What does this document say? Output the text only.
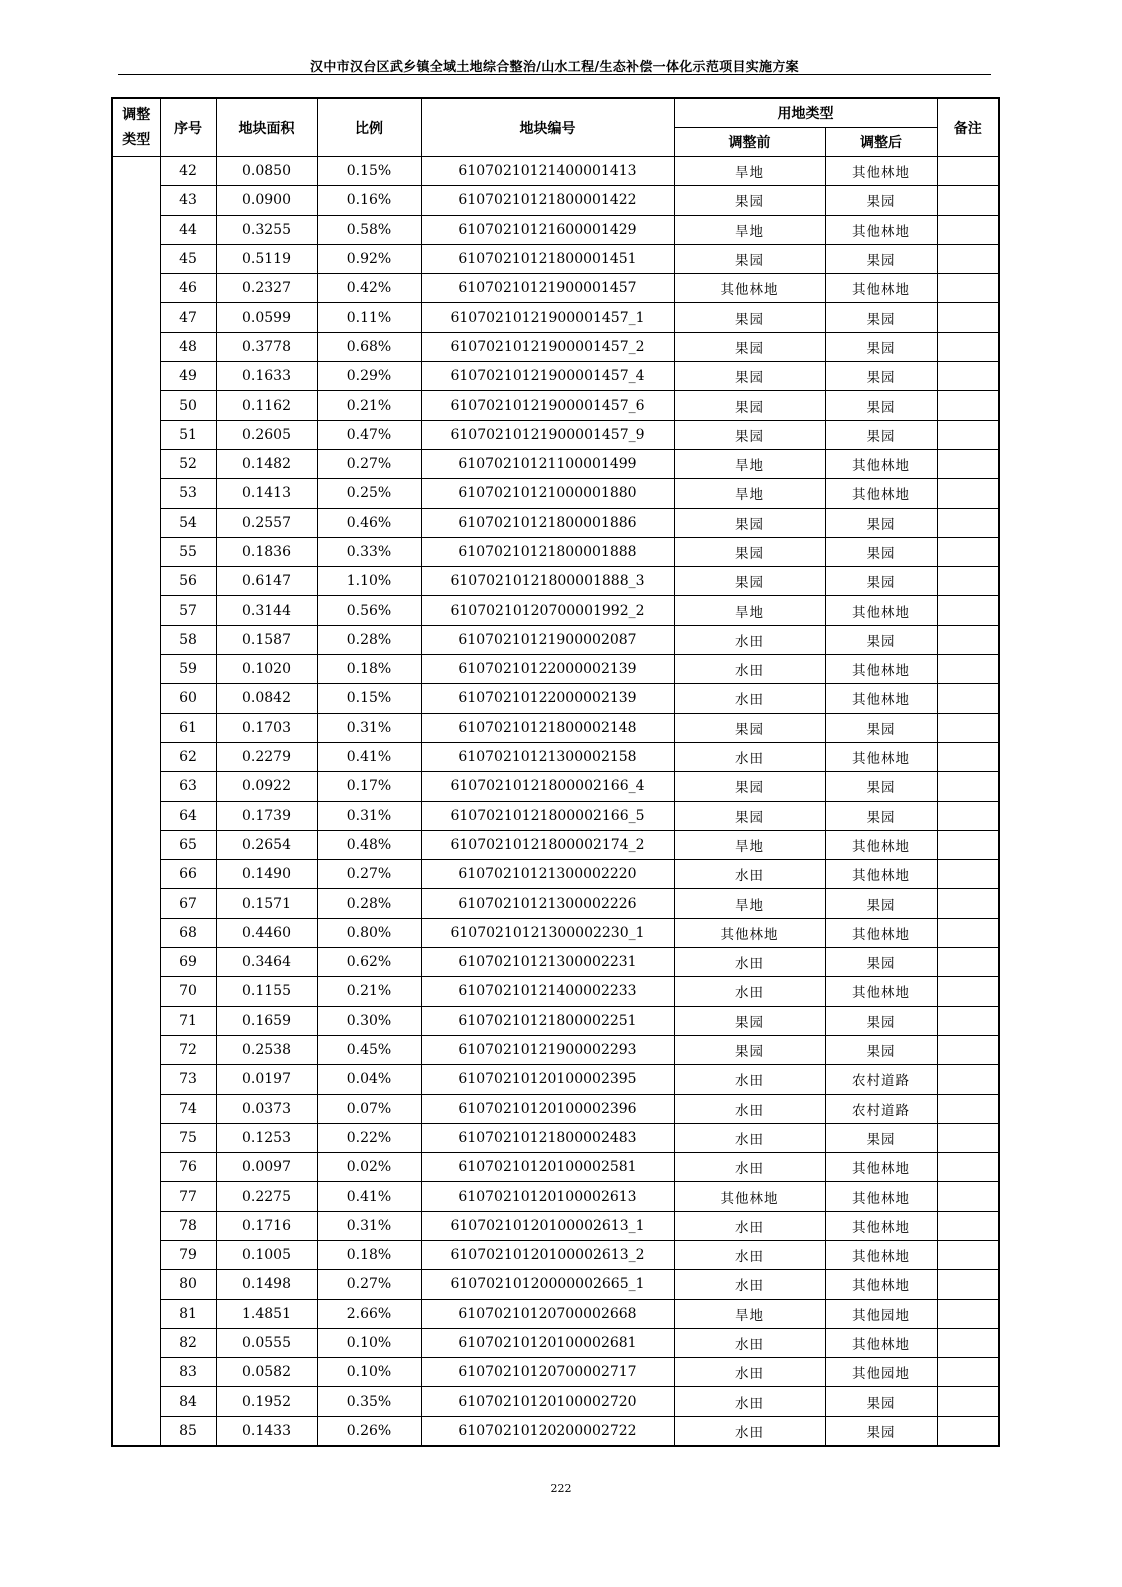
汉中市汉台区武乡镇全域土地综合整治/山水工程/生态补偿一体化示范项目实施方案
调整类型	序号	地块面积	比例	地块编号	用地类型		备注
					调整前	调整后	
	42	0.0850	0.15%	61070210121400001413	旱地	其他林地	
	43	0.0900	0.16%	61070210121800001422	果园	果园	
	44	0.3255	0.58%	61070210121600001429	旱地	其他林地	
	45	0.5119	0.92%	61070210121800001451	果园	果园	
	46	0.2327	0.42%	61070210121900001457	其他林地	其他林地	
	47	0.0599	0.11%	61070210121900001457_1	果园	果园	
	48	0.3778	0.68%	61070210121900001457_2	果园	果园	
	49	0.1633	0.29%	61070210121900001457_4	果园	果园	
	50	0.1162	0.21%	61070210121900001457_6	果园	果园	
	51	0.2605	0.47%	61070210121900001457_9	果园	果园	
	52	0.1482	0.27%	61070210121100001499	旱地	其他林地	
	53	0.1413	0.25%	61070210121000001880	旱地	其他林地	
	54	0.2557	0.46%	61070210121800001886	果园	果园	
	55	0.1836	0.33%	61070210121800001888	果园	果园	
	56	0.6147	1.10%	61070210121800001888_3	果园	果园	
	57	0.3144	0.56%	61070210120700001992_2	旱地	其他林地	
	58	0.1587	0.28%	61070210121900002087	水田	果园	
	59	0.1020	0.18%	61070210122000002139	水田	其他林地	
	60	0.0842	0.15%	61070210122000002139	水田	其他林地	
	61	0.1703	0.31%	61070210121800002148	果园	果园	
	62	0.2279	0.41%	61070210121300002158	水田	其他林地	
	63	0.0922	0.17%	61070210121800002166_4	果园	果园	
	64	0.1739	0.31%	61070210121800002166_5	果园	果园	
	65	0.2654	0.48%	61070210121800002174_2	旱地	其他林地	
	66	0.1490	0.27%	61070210121300002220	水田	其他林地	
	67	0.1571	0.28%	61070210121300002226	旱地	果园	
	68	0.4460	0.80%	61070210121300002230_1	其他林地	其他林地	
	69	0.3464	0.62%	61070210121300002231	水田	果园	
	70	0.1155	0.21%	61070210121400002233	水田	其他林地	
	71	0.1659	0.30%	61070210121800002251	果园	果园	
	72	0.2538	0.45%	61070210121900002293	果园	果园	
	73	0.0197	0.04%	61070210120100002395	水田	农村道路	
	74	0.0373	0.07%	61070210120100002396	水田	农村道路	
	75	0.1253	0.22%	61070210121800002483	水田	果园	
	76	0.0097	0.02%	61070210120100002581	水田	其他林地	
	77	0.2275	0.41%	61070210120100002613	其他林地	其他林地	
	78	0.1716	0.31%	61070210120100002613_1	水田	其他林地	
	79	0.1005	0.18%	61070210120100002613_2	水田	其他林地	
	80	0.1498	0.27%	61070210120000002665_1	水田	其他林地	
	81	1.4851	2.66%	61070210120700002668	旱地	其他园地	
	82	0.0555	0.10%	61070210120100002681	水田	其他林地	
	83	0.0582	0.10%	61070210120700002717	水田	其他园地	
	84	0.1952	0.35%	61070210120100002720	水田	果园	
	85	0.1433	0.26%	61070210120200002722	水田	果园	
222
